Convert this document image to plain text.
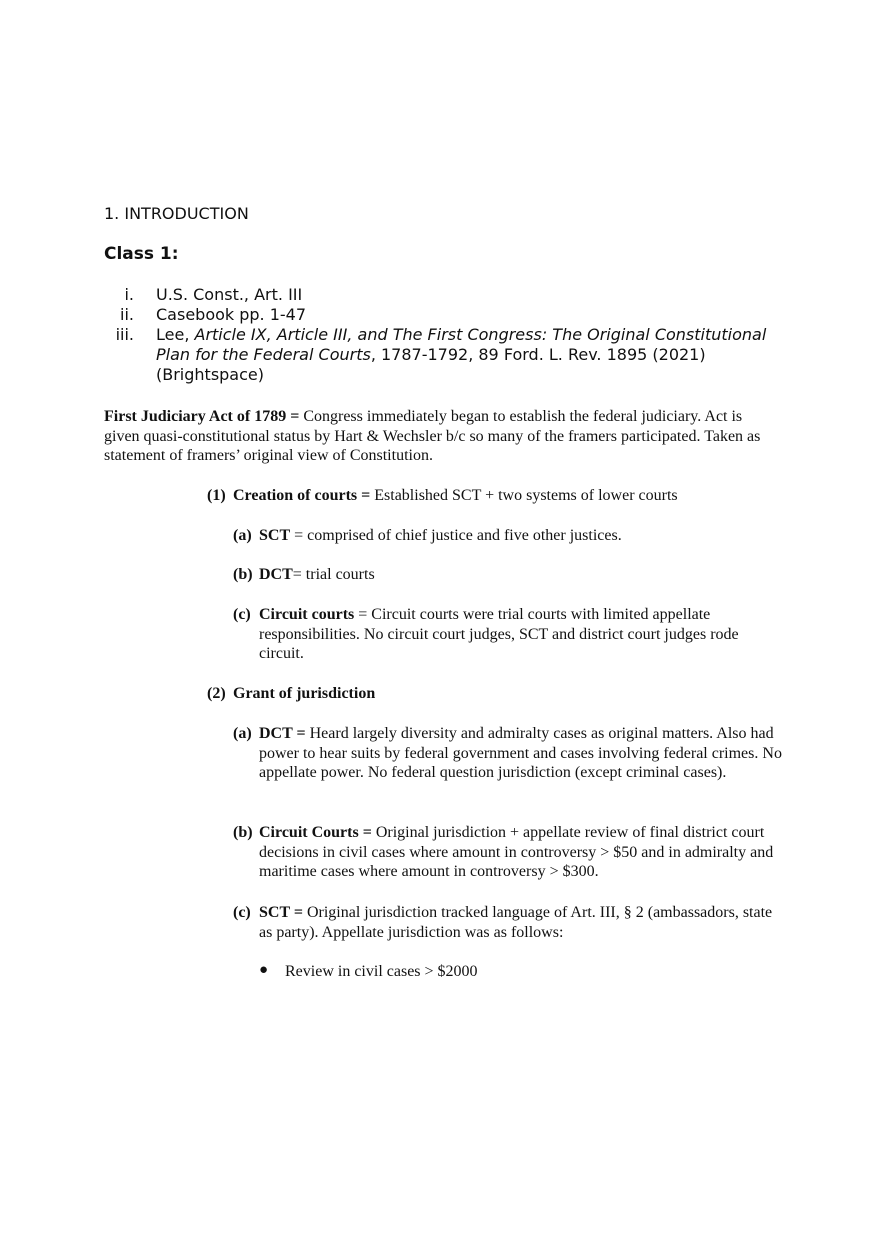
1. INTRODUCTION
Class 1:
i. U.S. Const., Art. III
ii. Casebook pp. 1-47
iii. Lee, Article IX, Article III, and The First Congress: The Original Constitutional Plan for the Federal Courts, 1787-1792, 89 Ford. L. Rev. 1895 (2021) (Brightspace)
First Judiciary Act of 1789 = Congress immediately began to establish the federal judiciary. Act is given quasi-constitutional status by Hart & Wechsler b/c so many of the framers participated. Taken as statement of framers’ original view of Constitution.
(1) Creation of courts = Established SCT + two systems of lower courts
(a) SCT = comprised of chief justice and five other justices.
(b) DCT= trial courts
(c) Circuit courts = Circuit courts were trial courts with limited appellate responsibilities. No circuit court judges, SCT and district court judges rode circuit.
(2) Grant of jurisdiction
(a) DCT = Heard largely diversity and admiralty cases as original matters. Also had power to hear suits by federal government and cases involving federal crimes. No appellate power. No federal question jurisdiction (except criminal cases).
(b) Circuit Courts = Original jurisdiction + appellate review of final district court decisions in civil cases where amount in controversy > $50 and in admiralty and maritime cases where amount in controversy > $300.
(c) SCT = Original jurisdiction tracked language of Art. III, § 2 (ambassadors, state as party). Appellate jurisdiction was as follows:
● Review in civil cases > $2000
